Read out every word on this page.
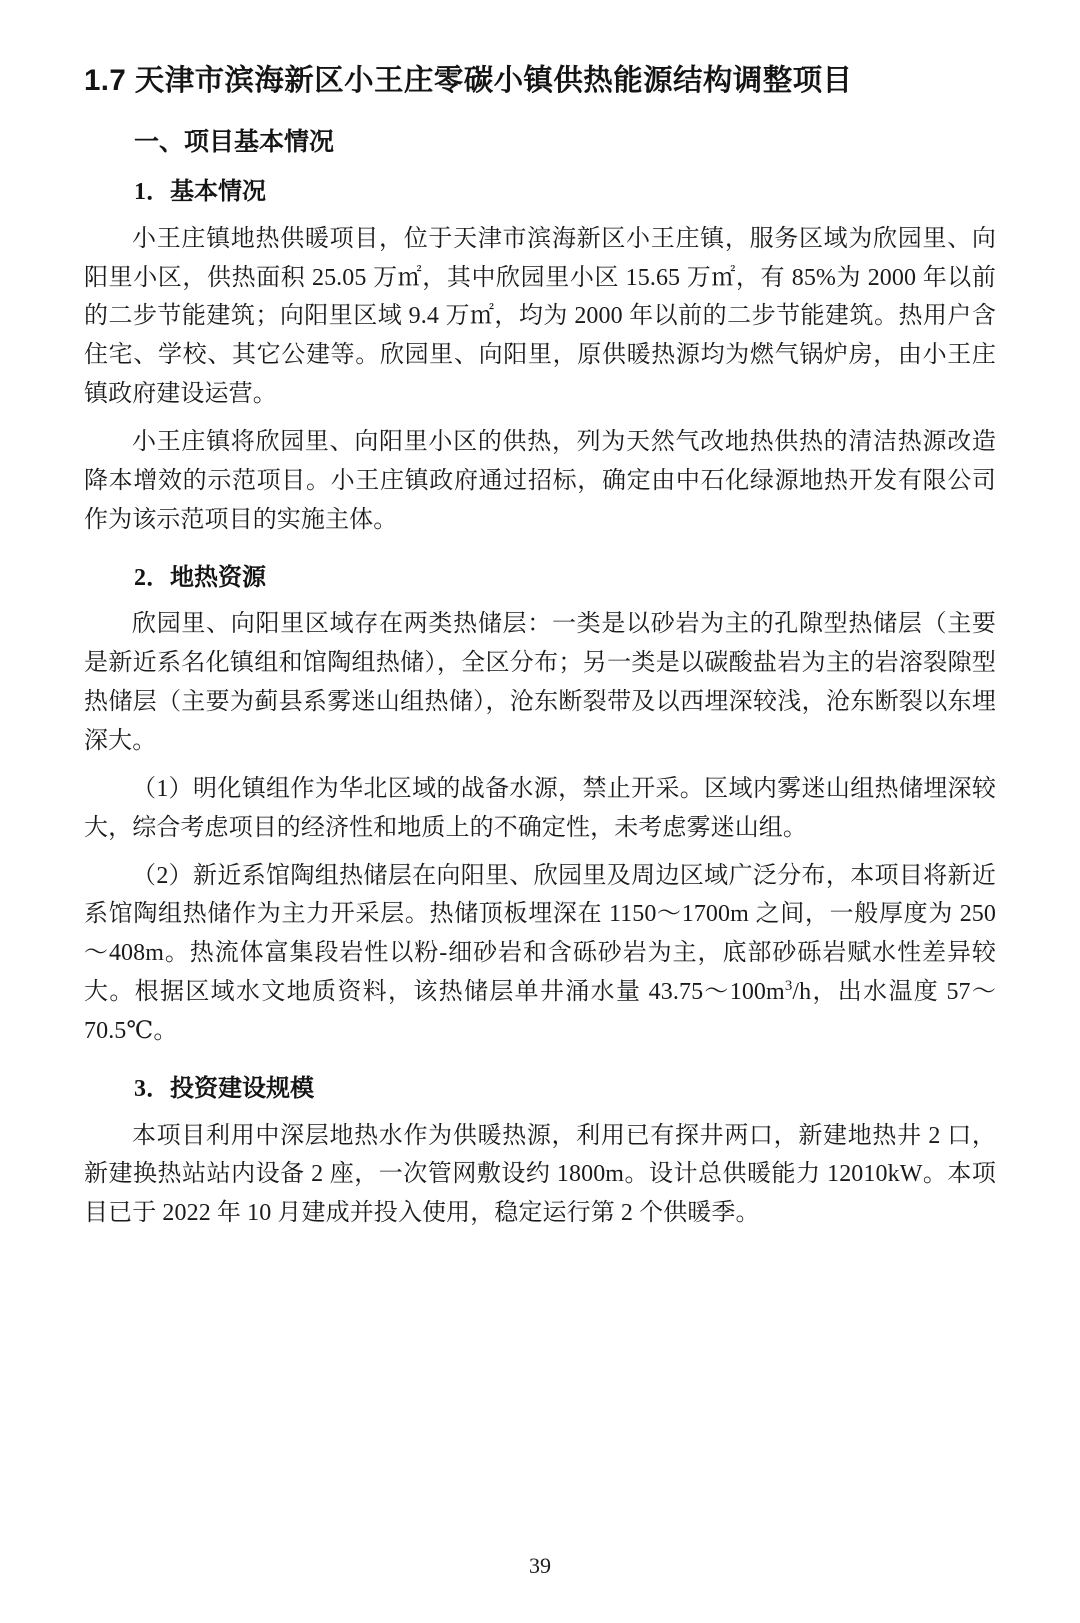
1.7 天津市滨海新区小王庄零碳小镇供热能源结构调整项目
一、项目基本情况
1．基本情况

小王庄镇地热供暖项目，位于天津市滨海新区小王庄镇，服务区域为欣园里、向阳里小区，供热面积 25.05 万㎡，其中欣园里小区 15.65 万㎡，有 85%为 2000 年以前的二步节能建筑；向阳里区域 9.4 万㎡，均为 2000 年以前的二步节能建筑。热用户含住宅、学校、其它公建等。欣园里、向阳里，原供暖热源均为燃气锅炉房，由小王庄镇政府建设运营。

小王庄镇将欣园里、向阳里小区的供热，列为天然气改地热供热的清洁热源改造降本增效的示范项目。小王庄镇政府通过招标，确定由中石化绿源地热开发有限公司作为该示范项目的实施主体。

2．地热资源

欣园里、向阳里区域存在两类热储层：一类是以砂岩为主的孔隙型热储层（主要是新近系名化镇组和馆陶组热储），全区分布；另一类是以碳酸盐岩为主的岩溶裂隙型热储层（主要为蓟县系雾迷山组热储），沧东断裂带及以西埋深较浅，沧东断裂以东埋深大。

（1）明化镇组作为华北区域的战备水源，禁止开采。区域内雾迷山组热储埋深较大，综合考虑项目的经济性和地质上的不确定性，未考虑雾迷山组。

（2）新近系馆陶组热储层在向阳里、欣园里及周边区域广泛分布，本项目将新近系馆陶组热储作为主力开采层。热储顶板埋深在 1150～1700m 之间，一般厚度为 250～408m。热流体富集段岩性以粉-细砂岩和含砾砂岩为主，底部砂砾岩赋水性差异较大。根据区域水文地质资料，该热储层单井涌水量 $43.75\sim 100m^3/h$，出水温度 57～70.5℃。

3．投资建设规模

本项目利用中深层地热水作为供暖热源，利用已有探井两口，新建地热井 2 口，新建换热站站内设备 2 座，一次管网敷设约 1800m。设计总供暖能力 12010kW。本项目已于 2022 年 10 月建成并投入使用，稳定运行第 2 个供暖季。

39
